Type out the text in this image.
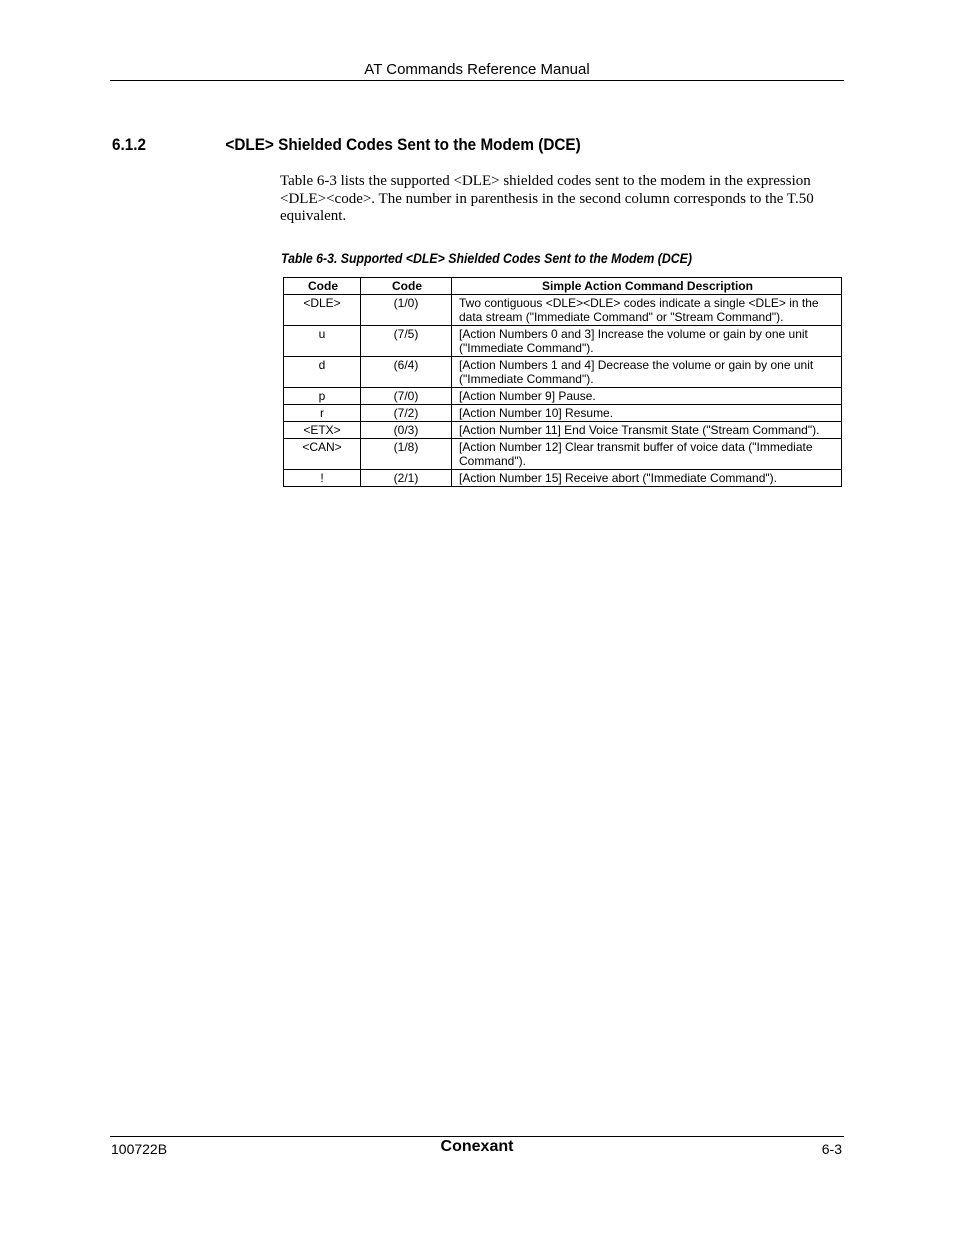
AT Commands Reference Manual
6.1.2	<DLE> Shielded Codes Sent to the Modem (DCE)

Table 6-3 lists the supported <DLE> shielded codes sent to the modem in the expression <DLE><code>. The number in parenthesis in the second column corresponds to the T.50 equivalent.

Table 6-3. Supported <DLE> Shielded Codes Sent to the Modem (DCE)
Code	Code	Simple Action Command Description
<DLE>	(1/0)	Two contiguous <DLE><DLE> codes indicate a single <DLE> in the data stream ("Immediate Command" or "Stream Command").
u	(7/5)	[Action Numbers 0 and 3] Increase the volume or gain by one unit ("Immediate Command").
d	(6/4)	[Action Numbers 1 and 4] Decrease the volume or gain by one unit ("Immediate Command").
p	(7/0)	[Action Number 9] Pause.
r	(7/2)	[Action Number 10] Resume.
<ETX>	(0/3)	[Action Number 11] End Voice Transmit State ("Stream Command").
<CAN>	(1/8)	[Action Number 12] Clear transmit buffer of voice data ("Immediate Command").
!	(2/1)	[Action Number 15] Receive abort ("Immediate Command").
100722B	Conexant	6-3
